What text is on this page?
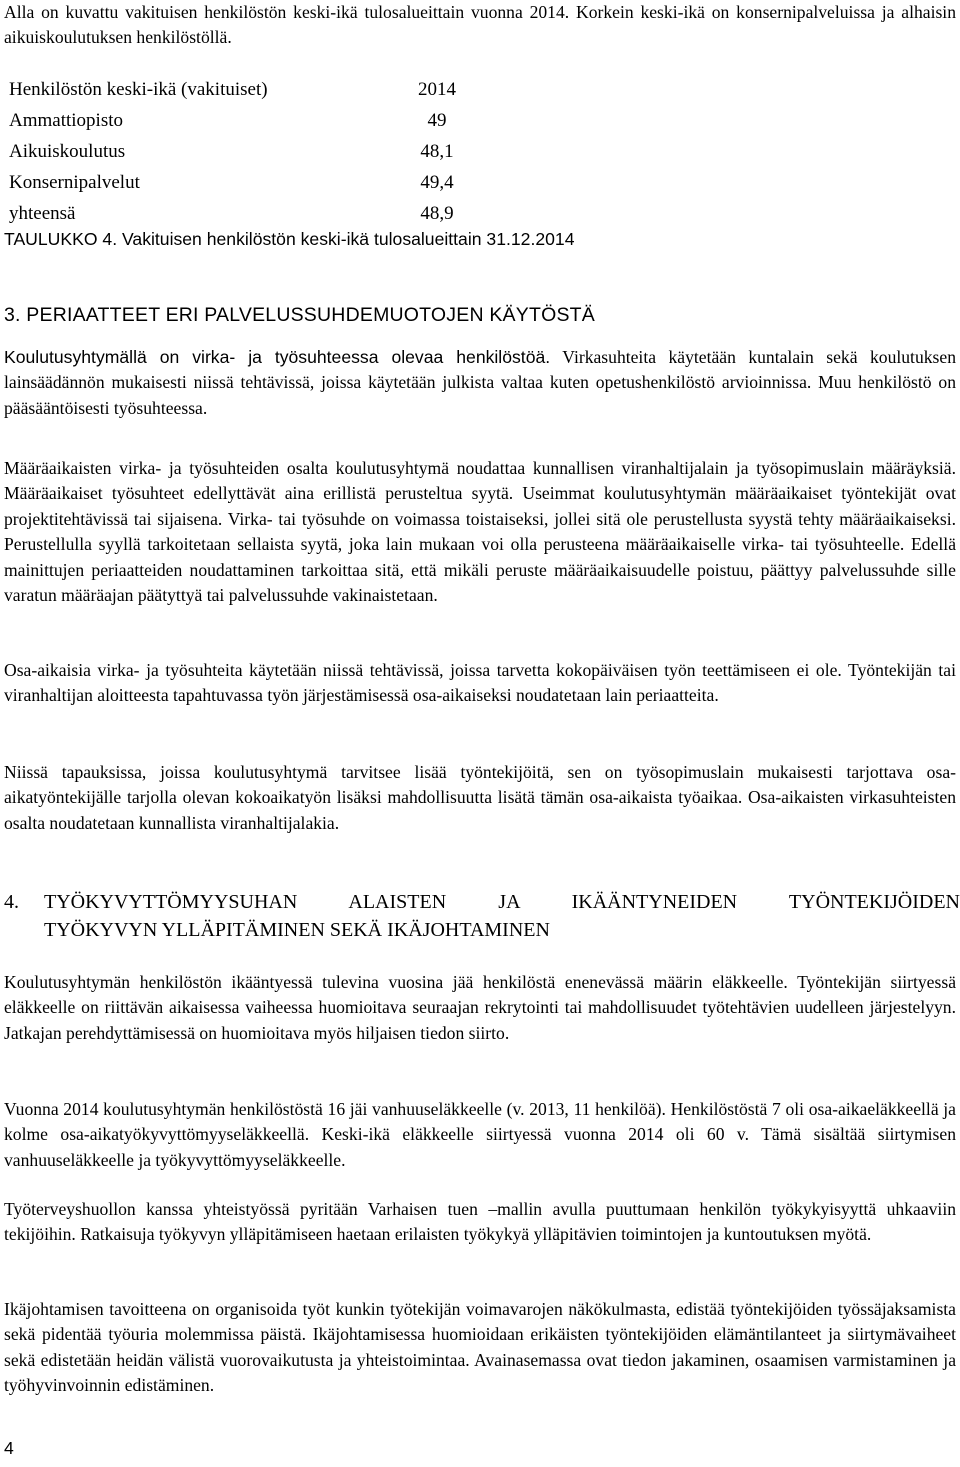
Alla on kuvattu vakituisen henkilöstön keski-ikä tulosalueittain vuonna 2014. Korkein keski-ikä on konsernipalveluissa ja alhaisin aikuiskoulutuksen henkilöstöllä.

Henkilöstön keski-ikä (vakituiset)	2014
Ammattiopisto	49
Aikuiskoulutus	48,1
Konsernipalvelut	49,4
yhteensä	48,9
TAULUKKO 4. Vakituisen henkilöstön keski-ikä tulosalueittain 31.12.2014
3. PERIAATTEET ERI PALVELUSSUHDEMUOTOJEN KÄYTÖSTÄ

Koulutusyhtymällä on virka- ja työsuhteessa olevaa henkilöstöä. Virkasuhteita käytetään kuntalain sekä koulutuksen lainsäädännön mukaisesti niissä tehtävissä, joissa käytetään julkista valtaa kuten opetushenkilöstö arvioinnissa. Muu henkilöstö on pääsääntöisesti työsuhteessa.

Määräaikaisten virka- ja työsuhteiden osalta koulutusyhtymä noudattaa kunnallisen viranhaltijalain ja työsopimuslain määräyksiä. Määräaikaiset työsuhteet edellyttävät aina erillistä perusteltua syytä. Useimmat koulutusyhtymän määräaikaiset työntekijät ovat projektitehtävissä tai sijaisena. Virka- tai työsuhde on voimassa toistaiseksi, jollei sitä ole perustellusta syystä tehty määräaikaiseksi. Perustellulla syyllä tarkoitetaan sellaista syytä, joka lain mukaan voi olla perusteena määräaikaiselle virka- tai työsuhteelle. Edellä mainittujen periaatteiden noudattaminen tarkoittaa sitä, että mikäli peruste määräaikaisuudelle poistuu, päättyy palvelussuhde sille varatun määräajan päätyttyä tai palvelussuhde vakinaistetaan.

Osa-aikaisia virka- ja työsuhteita käytetään niissä tehtävissä, joissa tarvetta kokopäiväisen työn teettämiseen ei ole. Työntekijän tai viranhaltijan aloitteesta tapahtuvassa työn järjestämisessä osa-aikaiseksi noudatetaan lain periaatteita.

Niissä tapauksissa, joissa koulutusyhtymä tarvitsee lisää työntekijöitä, sen on työsopimuslain mukaisesti tarjottava osa-aikatyöntekijälle tarjolla olevan kokoaikatyön lisäksi mahdollisuutta lisätä tämän osa-aikaista työaikaa. Osa-aikaisten virkasuhteisten osalta noudatetaan kunnallista viranhaltijalakia.

4. TYÖKYVYTTÖMYYSUHAN ALAISTEN JA IKÄÄNTYNEIDEN TYÖNTEKIJÖIDEN
TYÖKYVYN YLLÄPITÄMINEN SEKÄ IKÄJOHTAMINEN

Koulutusyhtymän henkilöstön ikääntyessä tulevina vuosina jää henkilöstä enenevässä määrin eläkkeelle. Työntekijän siirtyessä eläkkeelle on riittävän aikaisessa vaiheessa huomioitava seuraajan rekrytointi tai mahdollisuudet työtehtävien uudelleen järjestelyyn. Jatkajan perehdyttämisessä on huomioitava myös hiljaisen tiedon siirto.

Vuonna 2014 koulutusyhtymän henkilöstöstä 16 jäi vanhuuseläkkeelle (v. 2013, 11 henkilöä). Henkilöstöstä 7 oli osa-aikaeläkkeellä ja kolme osa-aikatyökyvyttömyyseläkkeellä. Keski-ikä eläkkeelle siirtyessä vuonna 2014 oli 60 v. Tämä sisältää siirtymisen vanhuuseläkkeelle ja työkyvyttömyyseläkkeelle.

Työterveyshuollon kanssa yhteistyössä pyritään Varhaisen tuen –mallin avulla puuttumaan henkilön työkykyisyyttä uhkaaviin tekijöihin. Ratkaisuja työkyvyn ylläpitämiseen haetaan erilaisten työkykyä ylläpitävien toimintojen ja kuntoutuksen myötä.

Ikäjohtamisen tavoitteena on organisoida työt kunkin työtekijän voimavarojen näkökulmasta, edistää työntekijöiden työssäjaksamista sekä pidentää työuria molemmissa päistä. Ikäjohtamisessa huomioidaan erikäisten työntekijöiden elämäntilanteet ja siirtymävaiheet sekä edistetään heidän välistä vuorovaikutusta ja yhteistoimintaa. Avainasemassa ovat tiedon jakaminen, osaamisen varmistaminen ja työhyvinvoinnin edistäminen.

4
